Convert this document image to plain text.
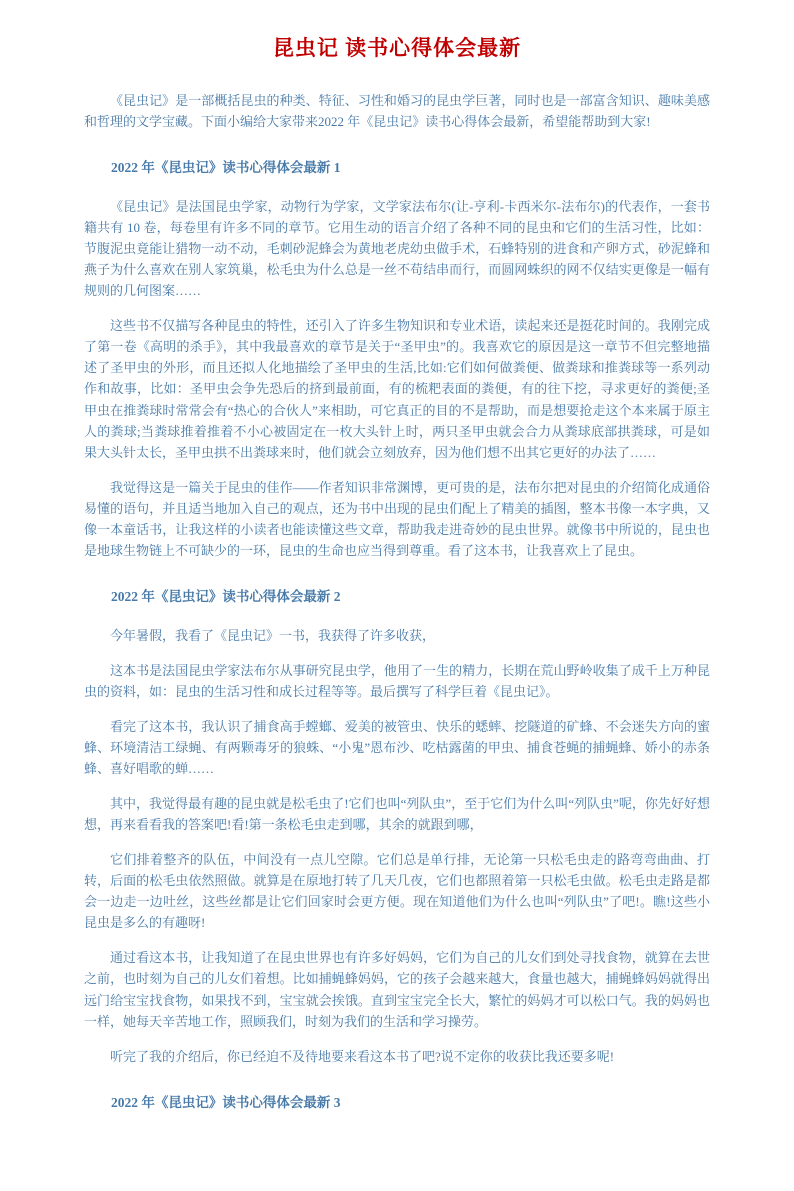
昆虫记 读书心得体会最新

《昆虫记》是一部概括昆虫的种类、特征、习性和婚习的昆虫学巨著，同时也是一部富含知识、趣味美感和哲理的文学宝藏。下面小编给大家带来2022 年《昆虫记》读书心得体会最新，希望能帮助到大家!

2022 年《昆虫记》读书心得体会最新 1

《昆虫记》是法国昆虫学家，动物行为学家，文学家法布尔(让-亨利-卡西米尔-法布尔)的代表作，一套书籍共有 10 卷，每卷里有许多不同的章节。它用生动的语言介绍了各种不同的昆虫和它们的生活习性，比如：节腹泥虫竟能让猎物一动不动，毛刺砂泥蜂会为黄地老虎幼虫做手术，石蜂特别的进食和产卵方式，砂泥蜂和燕子为什么喜欢在别人家筑巢，松毛虫为什么总是一丝不苟结串而行，而圆网蛛织的网不仅结实更像是一幅有规则的几何图案……

这些书不仅描写各种昆虫的特性，还引入了许多生物知识和专业术语，读起来还是挺花时间的。我刚完成了第一卷《高明的杀手》，其中我最喜欢的章节是关于“圣甲虫”的。我喜欢它的原因是这一章节不但完整地描述了圣甲虫的外形，而且还拟人化地描绘了圣甲虫的生活,比如:它们如何做粪便、做粪球和推粪球等一系列动作和故事，比如：圣甲虫会争先恐后的挤到最前面，有的梳粑表面的粪便，有的往下挖，寻求更好的粪便;圣甲虫在推粪球时常常会有“热心的合伙人”来相助，可它真正的目的不是帮助，而是想要抢走这个本来属于原主人的粪球;当粪球推着推着不小心被固定在一枚大头针上时，两只圣甲虫就会合力从粪球底部拱粪球，可是如果大头针太长，圣甲虫拱不出粪球来时，他们就会立刻放弃，因为他们想不出其它更好的办法了……

我觉得这是一篇关于昆虫的佳作——作者知识非常渊博，更可贵的是，法布尔把对昆虫的介绍简化成通俗易懂的语句，并且适当地加入自己的观点，还为书中出现的昆虫们配上了精美的插图，整本书像一本字典，又像一本童话书，让我这样的小读者也能读懂这些文章，帮助我走进奇妙的昆虫世界。就像书中所说的，昆虫也是地球生物链上不可缺少的一环，昆虫的生命也应当得到尊重。看了这本书，让我喜欢上了昆虫。

2022 年《昆虫记》读书心得体会最新 2

今年暑假，我看了《昆虫记》一书，我获得了许多收获，

这本书是法国昆虫学家法布尔从事研究昆虫学，他用了一生的精力，长期在荒山野岭收集了成千上万种昆虫的资料，如：昆虫的生活习性和成长过程等等。最后撰写了科学巨着《昆虫记》。

看完了这本书，我认识了捕食高手螳螂、爱美的被管虫、快乐的蟋蟀、挖隧道的矿蜂、不会迷失方向的蜜蜂、环境清洁工绿蝇、有两颗毒牙的狼蛛、“小鬼”恩布沙、吃枯露菌的甲虫、捕食苍蝇的捕蝇蜂、娇小的赤条蜂、喜好唱歌的蝉……

其中，我觉得最有趣的昆虫就是松毛虫了!它们也叫“列队虫”，至于它们为什么叫“列队虫”呢，你先好好想想，再来看看我的答案吧!看!第一条松毛虫走到哪，其余的就跟到哪，

它们排着整齐的队伍，中间没有一点儿空隙。它们总是单行排，无论第一只松毛虫走的路弯弯曲曲、打转，后面的松毛虫依然照做。就算是在原地打转了几天几夜，它们也都照着第一只松毛虫做。松毛虫走路是都会一边走一边吐丝，这些丝都是让它们回家时会更方便。现在知道他们为什么也叫“列队虫”了吧!。瞧!这些小昆虫是多么的有趣呀!

通过看这本书，让我知道了在昆虫世界也有许多好妈妈，它们为自己的儿女们到处寻找食物，就算在去世之前，也时刻为自己的儿女们着想。比如捕蝇蜂妈妈，它的孩子会越来越大，食量也越大，捕蝇蜂妈妈就得出远门给宝宝找食物，如果找不到，宝宝就会挨饿。直到宝宝完全长大，繁忙的妈妈才可以松口气。我的妈妈也一样，她每天辛苦地工作，照顾我们，时刻为我们的生活和学习操劳。

听完了我的介绍后，你已经迫不及待地要来看这本书了吧?说不定你的收获比我还要多呢!

2022 年《昆虫记》读书心得体会最新 3
